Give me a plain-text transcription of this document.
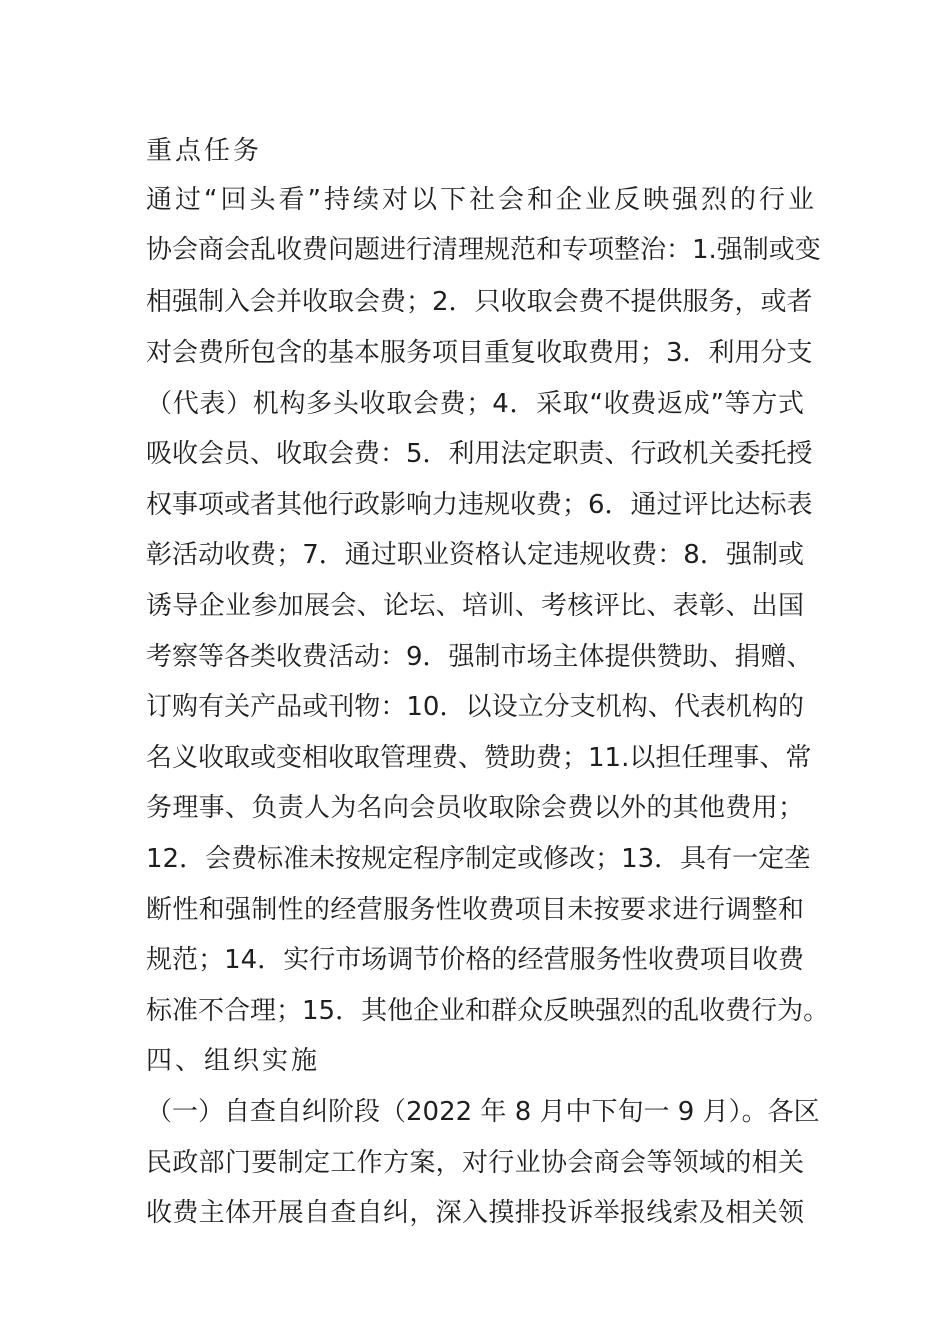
重点任务
通过“回头看”持续对以下社会和企业反映强烈的行业
协会商会乱收费问题进行清理规范和专项整治：1.强制或变
相强制入会并收取会费；2．只收取会费不提供服务，或者
对会费所包含的基本服务项目重复收取费用；3．利用分支
（代表）机构多头收取会费；4．采取“收费返成”等方式
吸收会员、收取会费：5．利用法定职责、行政机关委托授
权事项或者其他行政影响力违规收费；6．通过评比达标表
彰活动收费；7．通过职业资格认定违规收费：8．强制或
诱导企业参加展会、论坛、培训、考核评比、表彰、出国
考察等各类收费活动：9．强制市场主体提供赞助、捐赠、
订购有关产品或刊物：10．以设立分支机构、代表机构的
名义收取或变相收取管理费、赞助费；11.以担任理事、常
务理事、负责人为名向会员收取除会费以外的其他费用；
12．会费标准未按规定程序制定或修改；13．具有一定垄
断性和强制性的经营服务性收费项目未按要求进行调整和
规范；14．实行市场调节价格的经营服务性收费项目收费
标准不合理；15．其他企业和群众反映强烈的乱收费行为。
四、组织实施
（一）自查自纠阶段（2022 年 8 月中下旬一 9 月）。各区
民政部门要制定工作方案，对行业协会商会等领域的相关
收费主体开展自查自纠，深入摸排投诉举报线索及相关领
